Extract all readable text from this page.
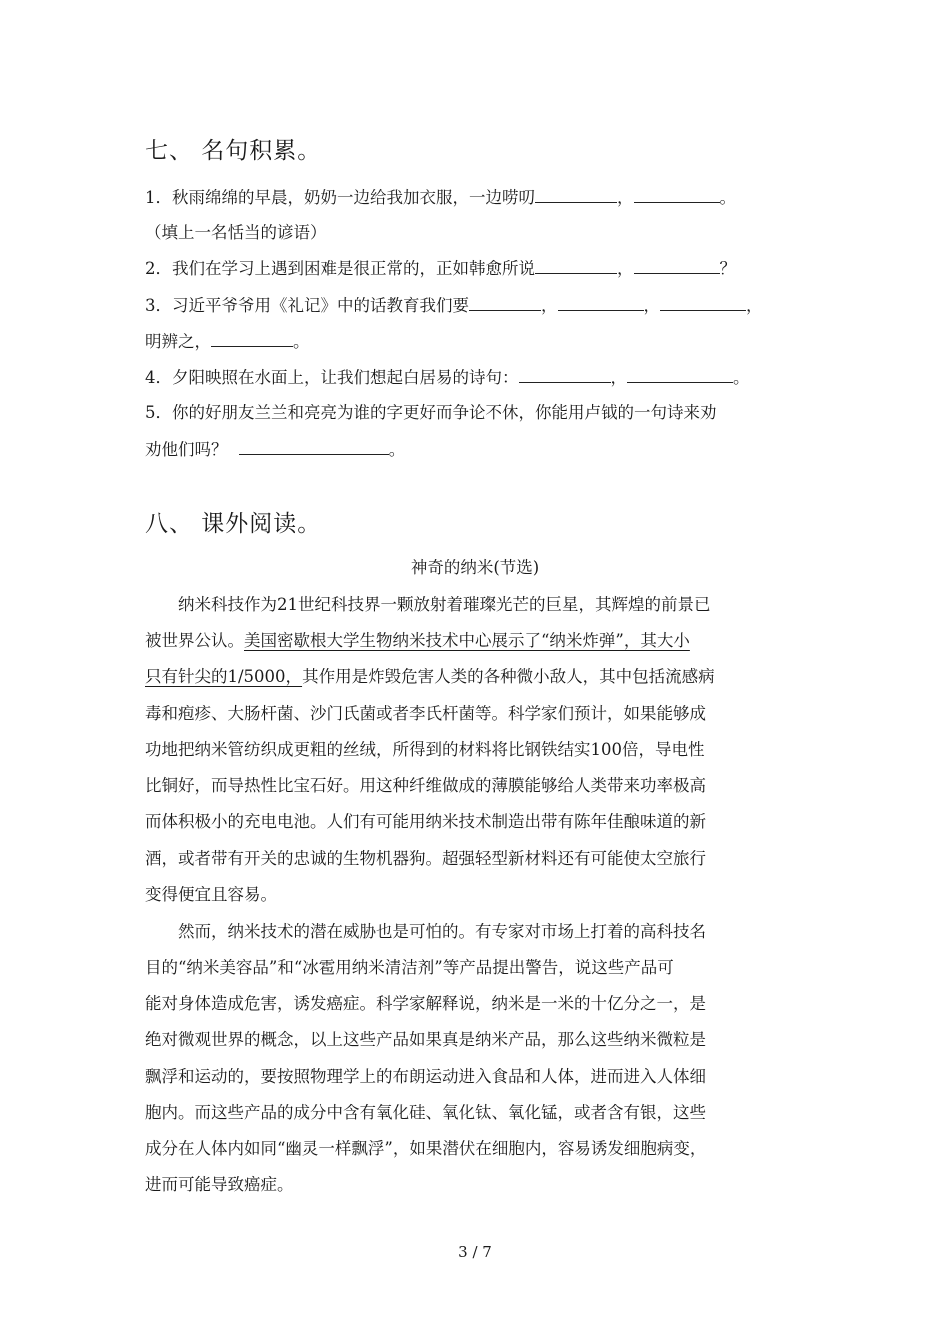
七、 名句积累。
1．秋雨绵绵的早晨，奶奶一边给我加衣服，一边唠叨	，	。
（填上一名恬当的谚语）
2．我们在学习上遇到困难是很正常的，正如韩愈所说	，	？
3．习近平爷爷用《礼记》中的话教育我们要	，	，	，
明辨之，	。
4．夕阳映照在水面上，让我们想起白居易的诗句：	，	。
5．你的好朋友兰兰和亮亮为谁的字更好而争论不休，你能用卢钺的一句诗来劝
劝他们吗？	。
八、 课外阅读。
神奇的纳米(节选)
　　纳米科技作为21世纪科技界一颗放射着璀璨光芒的巨星，其辉煌的前景已
被世界公认。美国密歇根大学生物纳米技术中心展示了“纳米炸弹”，其大小
只有针尖的1/5000，其作用是炸毁危害人类的各种微小敌人，其中包括流感病
毒和疱疹、大肠杆菌、沙门氏菌或者李氏杆菌等。科学家们预计，如果能够成
功地把纳米管纺织成更粗的丝绒，所得到的材料将比钢铁结实100倍，导电性
比铜好，而导热性比宝石好。用这种纤维做成的薄膜能够给人类带来功率极高
而体积极小的充电电池。人们有可能用纳米技术制造出带有陈年佳酿味道的新
酒，或者带有开关的忠诚的生物机器狗。超强轻型新材料还有可能使太空旅行
变得便宜且容易。
　　然而，纳米技术的潜在威胁也是可怕的。有专家对市场上打着的高科技名
目的“纳米美容品”和“冰雹用纳米清洁剂”等产品提出警告，说这些产品可
能对身体造成危害，诱发癌症。科学家解释说，纳米是一米的十亿分之一，是
绝对微观世界的概念，以上这些产品如果真是纳米产品，那么这些纳米微粒是
飘浮和运动的，要按照物理学上的布朗运动进入食品和人体，进而进入人体细
胞内。而这些产品的成分中含有氧化硅、氧化钛、氧化锰，或者含有银，这些
成分在人体内如同“幽灵一样飘浮”，如果潜伏在细胞内，容易诱发细胞病变，
进而可能导致癌症。
3 / 7
